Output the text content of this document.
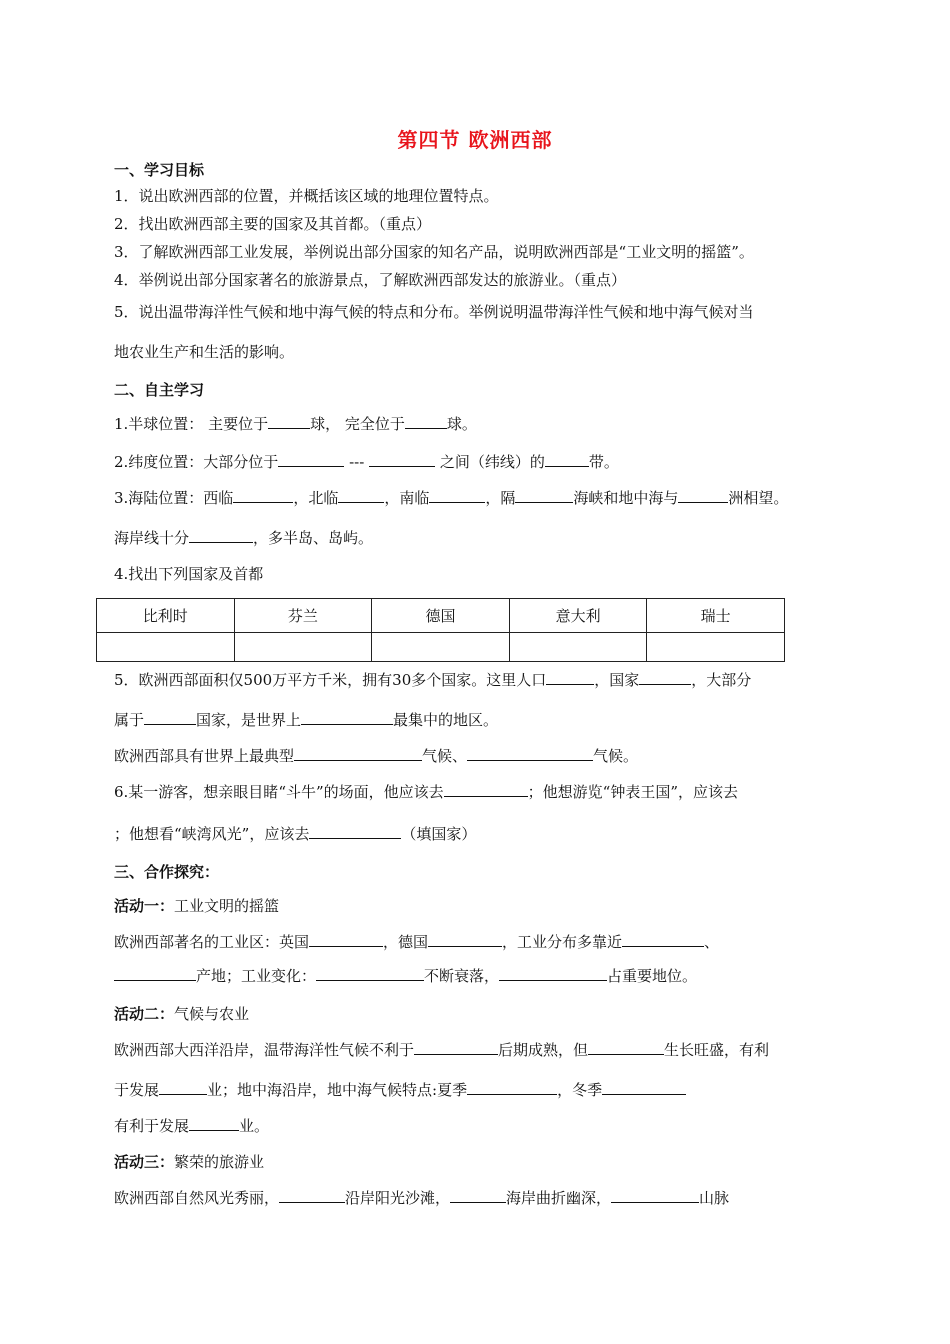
第四节 欧洲西部
一、学习目标
1．说出欧洲西部的位置，并概括该区域的地理位置特点。
2．找出欧洲西部主要的国家及其首都。（重点）
3．了解欧洲西部工业发展，举例说出部分国家的知名产品，说明欧洲西部是“工业文明的摇篮”。
4．举例说出部分国家著名的旅游景点，了解欧洲西部发达的旅游业。（重点）
5．说出温带海洋性气候和地中海气候的特点和分布。举例说明温带海洋性气候和地中海气候对当
地农业生产和生活的影响。
二、自主学习
1.半球位置： 主要位于	球， 完全位于	球。
2.纬度位置：大部分位于	---	之间（纬线）的	带。
3.海陆位置：西临	，北临	，南临	，隔	海峡和地中海与	洲相望。
海岸线十分	，多半岛、岛屿。
4.找出下列国家及首都
比利时	芬兰	德国	意大利	瑞士

5．欧洲西部面积仅500万平方千米，拥有30多个国家。这里人口	，国家	，大部分
属于	国家，是世界上	最集中的地区。
欧洲西部具有世界上最典型	气候、	气候。
6.某一游客，想亲眼目睹“斗牛”的场面，他应该去	；他想游览“钟表王国”，应该去
；他想看“峡湾风光”，应该去	（填国家）
三、合作探究：
活动一：工业文明的摇篮
欧洲西部著名的工业区：英国	，德国	，工业分布多靠近	、
产地；工业变化：	不断衰落，	占重要地位。
活动二：气候与农业
欧洲西部大西洋沿岸，温带海洋性气候不利于	后期成熟，但	生长旺盛，有利
于发展	业；地中海沿岸，地中海气候特点:夏季	，冬季
有利于发展	业。
活动三：繁荣的旅游业
欧洲西部自然风光秀丽，	沿岸阳光沙滩，	海岸曲折幽深，	山脉
